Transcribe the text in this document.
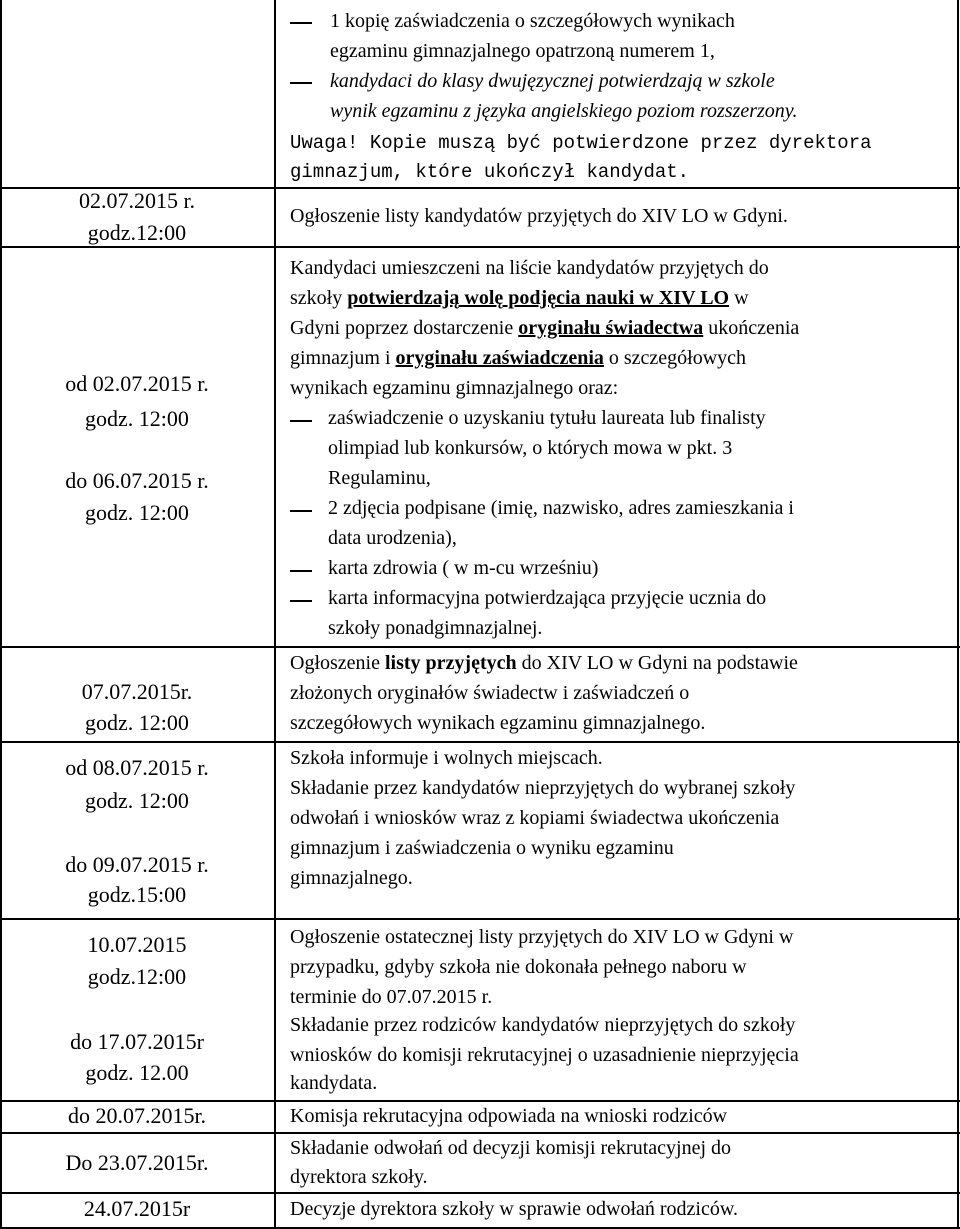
1 kopię zaświadczenia o szczegółowych wynikach
egzaminu gimnazjalnego opatrzoną numerem 1,
kandydaci do klasy dwujęzycznej potwierdzają w szkole
wynik egzaminu z języka angielskiego poziom rozszerzony.
Uwaga! Kopie muszą być potwierdzone przez dyrektora
gimnazjum, które ukończył kandydat.
02.07.2015 r.
godz.12:00
Ogłoszenie listy kandydatów przyjętych do XIV LO w Gdyni.
od 02.07.2015 r.
godz. 12:00
do 06.07.2015 r.
godz. 12:00
Kandydaci umieszczeni na liście kandydatów przyjętych do
szkoły potwierdzają wolę podjęcia nauki w XIV LO w
Gdyni poprzez dostarczenie oryginału świadectwa ukończenia
gimnazjum i oryginału zaświadczenia o szczegółowych
wynikach egzaminu gimnazjalnego oraz:
zaświadczenie o uzyskaniu tytułu laureata lub finalisty
olimpiad lub konkursów, o których mowa w pkt. 3
Regulaminu,
2 zdjęcia podpisane (imię, nazwisko, adres zamieszkania i
data urodzenia),
karta zdrowia ( w m-cu wrześniu)
karta informacyjna potwierdzająca przyjęcie ucznia do
szkoły ponadgimnazjalnej.
07.07.2015r.
godz. 12:00
Ogłoszenie listy przyjętych do XIV LO w Gdyni na podstawie
złożonych oryginałów świadectw i zaświadczeń o
szczegółowych wynikach egzaminu gimnazjalnego.
od 08.07.2015 r.
godz. 12:00
do 09.07.2015 r.
godz.15:00
Szkoła informuje i wolnych miejscach.
Składanie przez kandydatów nieprzyjętych do wybranej szkoły
odwołań i wniosków wraz z kopiami świadectwa ukończenia
gimnazjum i zaświadczenia o wyniku egzaminu
gimnazjalnego.
10.07.2015
godz.12:00
do 17.07.2015r
godz. 12.00
Ogłoszenie ostatecznej listy przyjętych do XIV LO w Gdyni w
przypadku, gdyby szkoła nie dokonała pełnego naboru w
terminie do 07.07.2015 r.
Składanie przez rodziców kandydatów nieprzyjętych do szkoły
wniosków do komisji rekrutacyjnej o uzasadnienie nieprzyjęcia
kandydata.
do 20.07.2015r.	Komisja rekrutacyjna odpowiada na wnioski rodziców
Do 23.07.2015r.
Składanie odwołań od decyzji komisji rekrutacyjnej do
dyrektora szkoły.
24.07.2015r	Decyzje dyrektora szkoły w sprawie odwołań rodziców.
